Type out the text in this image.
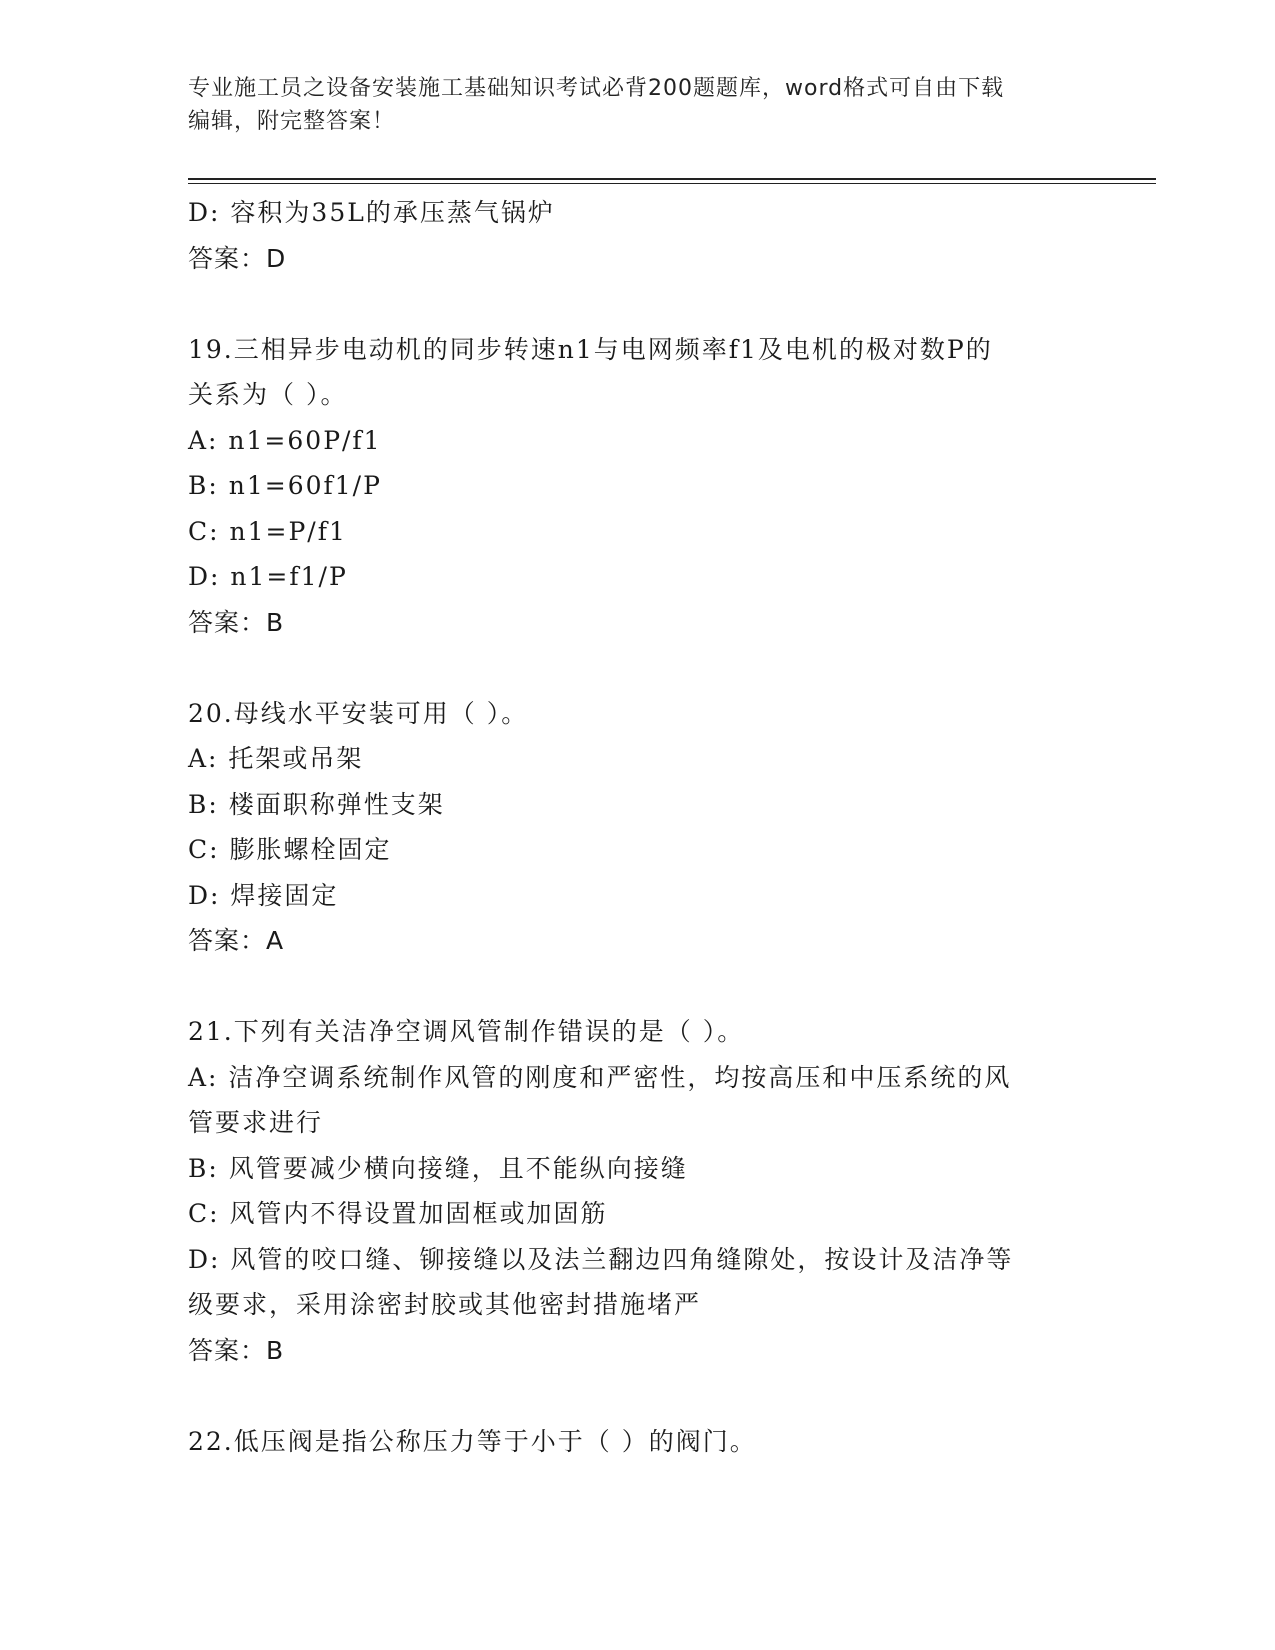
专业施工员之设备安装施工基础知识考试必背200题题库，word格式可自由下载
编辑，附完整答案！
D: 容积为35L的承压蒸气锅炉
答案：D
19.三相异步电动机的同步转速n1与电网频率f1及电机的极对数P的
关系为（ ）。
A: n1=60P/f1
B: n1=60f1/P
C: n1=P/f1
D: n1=f1/P
答案：B
20.母线水平安装可用（ ）。
A: 托架或吊架
B: 楼面职称弹性支架
C: 膨胀螺栓固定
D: 焊接固定
答案：A
21.下列有关洁净空调风管制作错误的是（ ）。
A: 洁净空调系统制作风管的刚度和严密性，均按高压和中压系统的风
管要求进行
B: 风管要减少横向接缝，且不能纵向接缝
C: 风管内不得设置加固框或加固筋
D: 风管的咬口缝、铆接缝以及法兰翻边四角缝隙处，按设计及洁净等
级要求，采用涂密封胶或其他密封措施堵严
答案：B
22.低压阀是指公称压力等于小于（ ）的阀门。
